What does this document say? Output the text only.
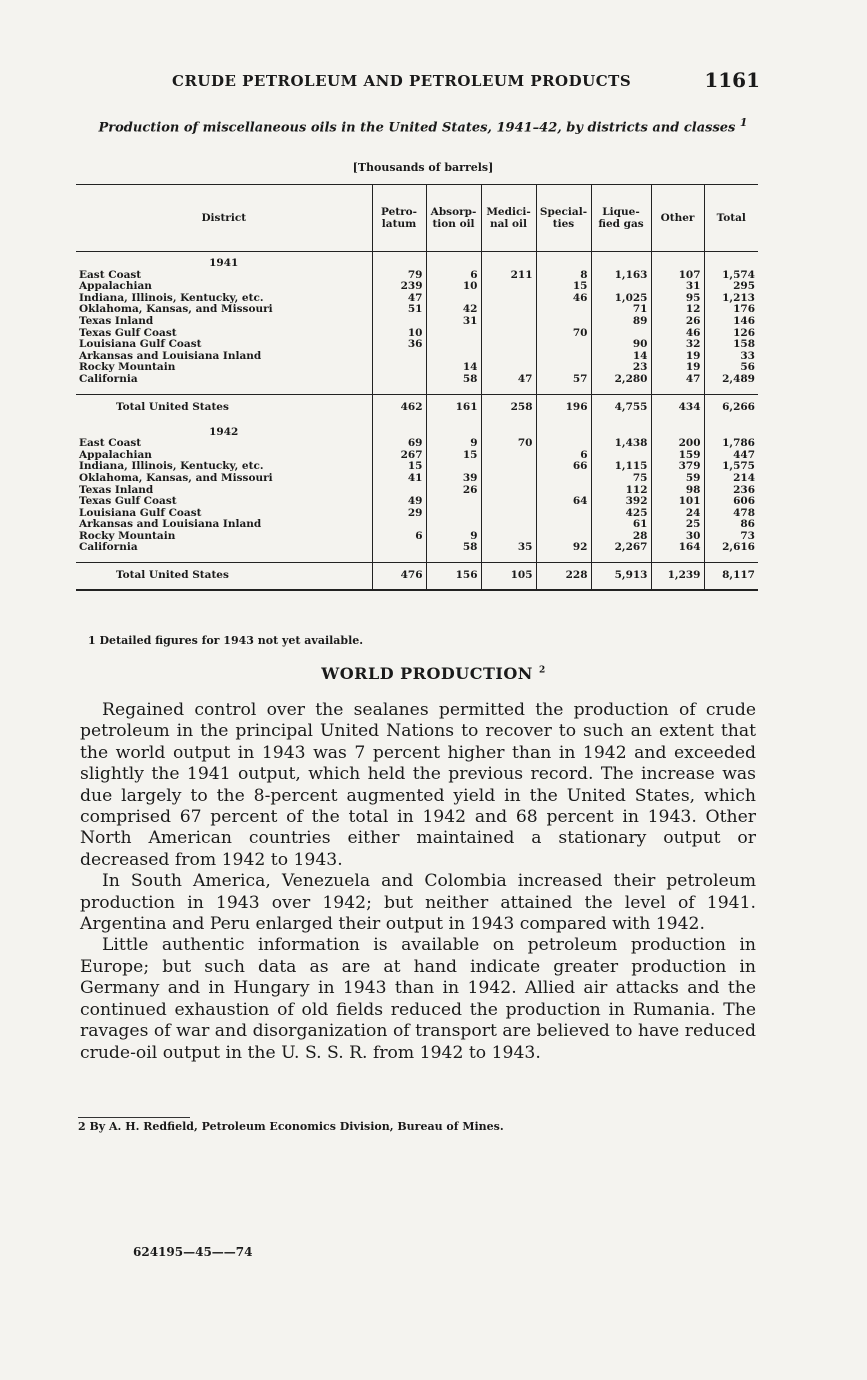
CRUDE PETROLEUM AND PETROLEUM PRODUCTS	1161
Production of miscellaneous oils in the United States, 1941–42, by districts and classes $^1$
[Thousands of barrels]
District	Petro-latum	Absorp-tion oil	Medici-nal oil	Special-ties	Lique-fied gas	Other	Total
1941							
East Coast	79	6	211	8	1,163	107	1,574
Appalachian	239	10		15		31	295
Indiana, Illinois, Kentucky, etc.	47			46	1,025	95	1,213
Oklahoma, Kansas, and Missouri	51	42			71	12	176
Texas Inland		31			89	26	146
Texas Gulf Coast	10			70		46	126
Louisiana Gulf Coast	36				90	32	158
Arkansas and Louisiana Inland					14	19	33
Rocky Mountain		14			23	19	56
California		58	47	57	2,280	47	2,489

Total United States	462	161	258	196	4,755	434	6,266
1942							
East Coast	69	9	70		1,438	200	1,786
Appalachian	267	15		6		159	447
Indiana, Illinois, Kentucky, etc.	15			66	1,115	379	1,575
Oklahoma, Kansas, and Missouri	41	39			75	59	214
Texas Inland		26			112	98	236
Texas Gulf Coast	49			64	392	101	606
Louisiana Gulf Coast	29				425	24	478
Arkansas and Louisiana Inland					61	25	86
Rocky Mountain	6	9			28	30	73
California		58	35	92	2,267	164	2,616

Total United States	476	156	105	228	5,913	1,239	8,117
1 Detailed figures for 1943 not yet available.
WORLD PRODUCTION $^2$

Regained control over the sealanes permitted the production of crude petroleum in the principal United Nations to recover to such an extent that the world output in 1943 was 7 percent higher than in 1942 and exceeded slightly the 1941 output, which held the previous record. The increase was due largely to the 8-percent augmented yield in the United States, which comprised 67 percent of the total in 1942 and 68 percent in 1943. Other North American countries either maintained a stationary output or decreased from 1942 to 1943.

In South America, Venezuela and Colombia increased their petroleum production in 1943 over 1942; but neither attained the level of 1941. Argentina and Peru enlarged their output in 1943 compared with 1942.

Little authentic information is available on petroleum production in Europe; but such data as are at hand indicate greater production in Germany and in Hungary in 1943 than in 1942. Allied air attacks and the continued exhaustion of old fields reduced the production in Rumania. The ravages of war and disorganization of transport are believed to have reduced crude-oil output in the U. S. S. R. from 1942 to 1943.

2 By A. H. Redfield, Petroleum Economics Division, Bureau of Mines.
624195—45——74
